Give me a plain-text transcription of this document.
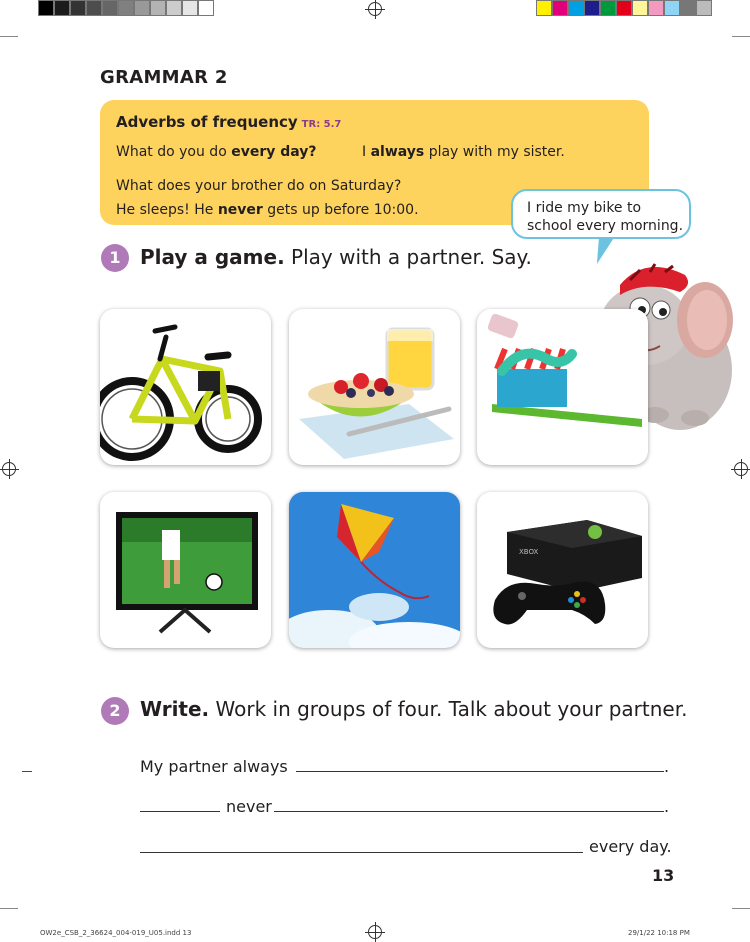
GRAMMAR 2
Adverbs of frequency TR: 5.7
What do you do every day?	I always play with my sister.
What does your brother do on Saturday?
He sleeps! He never gets up before 10:00.	I ride my bike to school every morning.
1 Play a game. Play with a partner. Say.
XBOX
2 Write. Work in groups of four. Talk about your partner.
My partner always	.
never	.
every day.
13
OW2e_CSB_2_36624_004-019_U05.indd 13	29/1/22 10:18 PM
